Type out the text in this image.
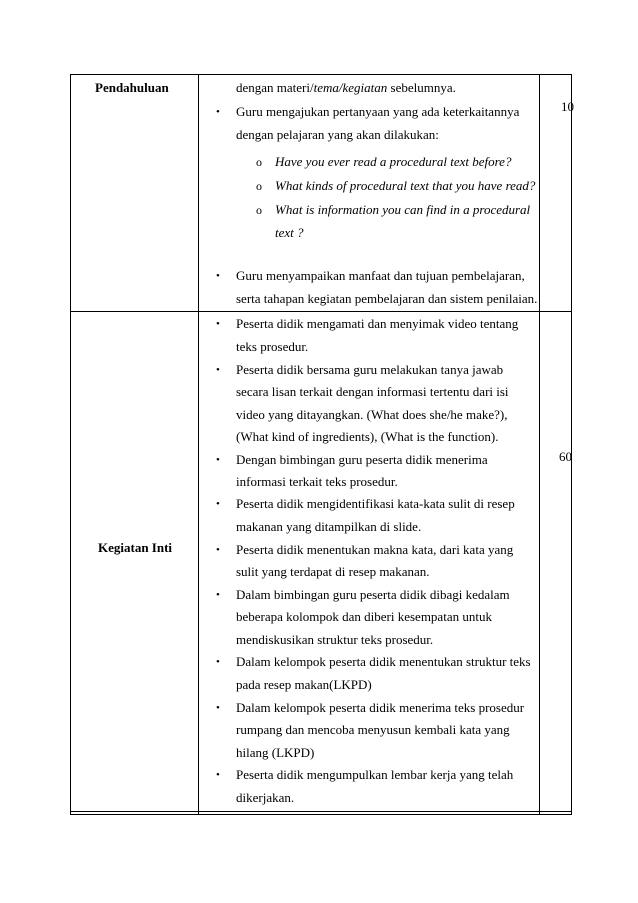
Pendahuluan
10
dengan materi/tema/kegiatan sebelumnya.
• Guru mengajukan pertanyaan yang ada keterkaitannya
dengan pelajaran yang akan dilakukan:
o Have you ever read a procedural text before?
o What kinds of procedural text that you have read?
o What is information you can find in a procedural
text ?
• Guru menyampaikan manfaat dan tujuan pembelajaran,
serta tahapan kegiatan pembelajaran dan sistem penilaian.
Kegiatan Inti
60
•
•
•
•
•
•
•
•
•
Peserta didik mengamati dan menyimak video tentang
teks prosedur.
Peserta didik bersama guru melakukan tanya jawab
secara lisan terkait dengan informasi tertentu dari isi
video yang ditayangkan. (What does she/he make?),
(What kind of ingredients), (What is the function).
Dengan bimbingan guru peserta didik menerima
informasi terkait teks prosedur.
Peserta didik mengidentifikasi kata-kata sulit di resep
makanan yang ditampilkan di slide.
Peserta didik menentukan makna kata, dari kata yang
sulit yang terdapat di resep makanan.
Dalam bimbingan guru peserta didik dibagi kedalam
beberapa kolompok dan diberi kesempatan untuk
mendiskusikan struktur teks prosedur.
Dalam kelompok peserta didik menentukan struktur teks
pada resep makan(LKPD)
Dalam kelompok peserta didik menerima teks prosedur
rumpang dan mencoba menyusun kembali kata yang
hilang (LKPD)
Peserta didik mengumpulkan lembar kerja yang telah
dikerjakan.
